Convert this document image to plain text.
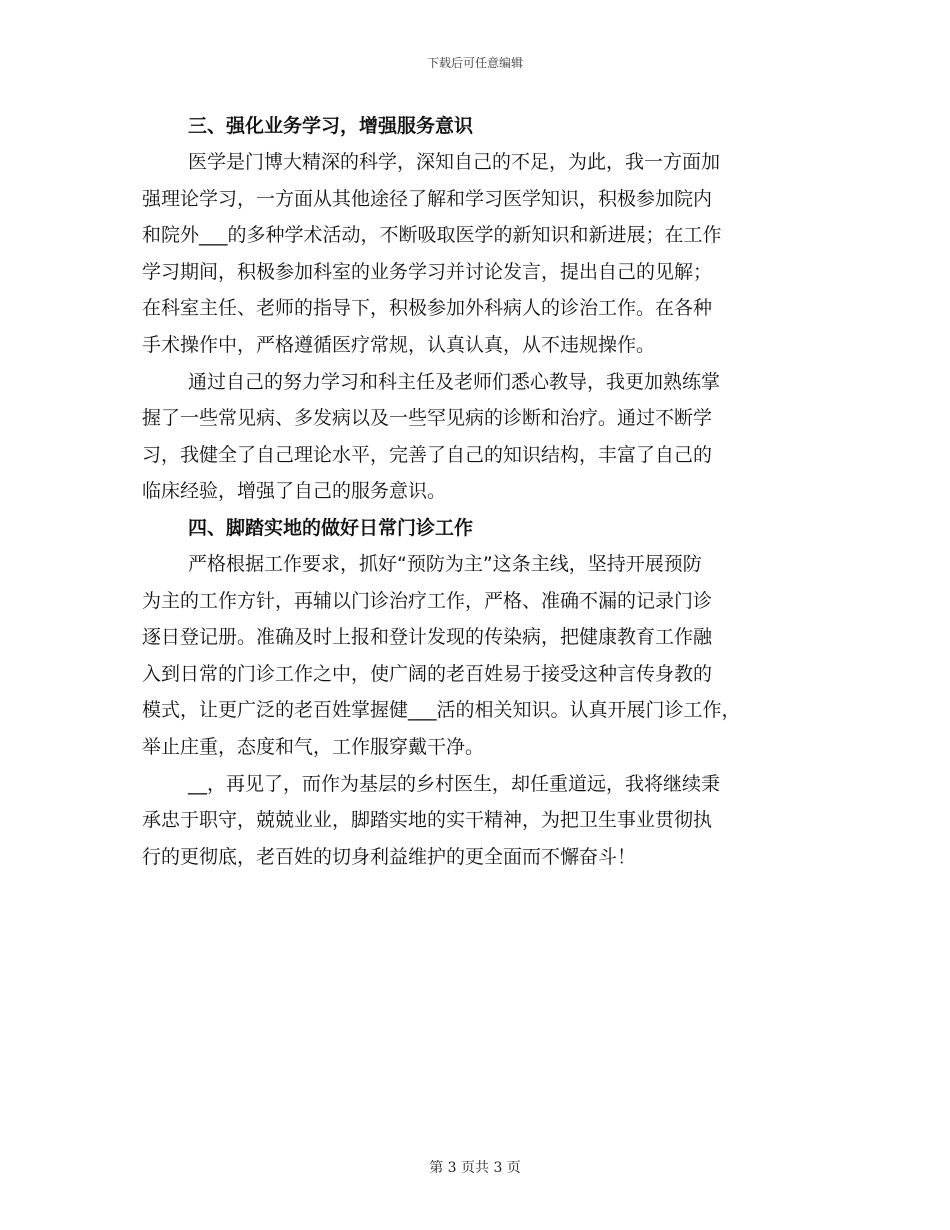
下载后可任意编辑
三、强化业务学习，增强服务意识
医学是门博大精深的科学，深知自己的不足，为此，我一方面加
强理论学习，一方面从其他途径了解和学习医学知识，积极参加院内
和院外___的多种学术活动，不断吸取医学的新知识和新进展；在工作
学习期间，积极参加科室的业务学习并讨论发言，提出自己的见解；
在科室主任、老师的指导下，积极参加外科病人的诊治工作。在各种
手术操作中，严格遵循医疗常规，认真认真，从不违规操作。
通过自己的努力学习和科主任及老师们悉心教导，我更加熟练掌
握了一些常见病、多发病以及一些罕见病的诊断和治疗。通过不断学
习，我健全了自己理论水平，完善了自己的知识结构，丰富了自己的
临床经验，增强了自己的服务意识。
四、脚踏实地的做好日常门诊工作
严格根据工作要求，抓好“预防为主”这条主线，坚持开展预防
为主的工作方针，再辅以门诊治疗工作，严格、准确不漏的记录门诊
逐日登记册。准确及时上报和登计发现的传染病，把健康教育工作融
入到日常的门诊工作之中，使广阔的老百姓易于接受这种言传身教的
模式，让更广泛的老百姓掌握健___活的相关知识。认真开展门诊工作，
举止庄重，态度和气，工作服穿戴干净。
__，再见了，而作为基层的乡村医生，却任重道远，我将继续秉
承忠于职守，兢兢业业，脚踏实地的实干精神，为把卫生事业贯彻执
行的更彻底，老百姓的切身利益维护的更全面而不懈奋斗！
第 3 页共 3 页
